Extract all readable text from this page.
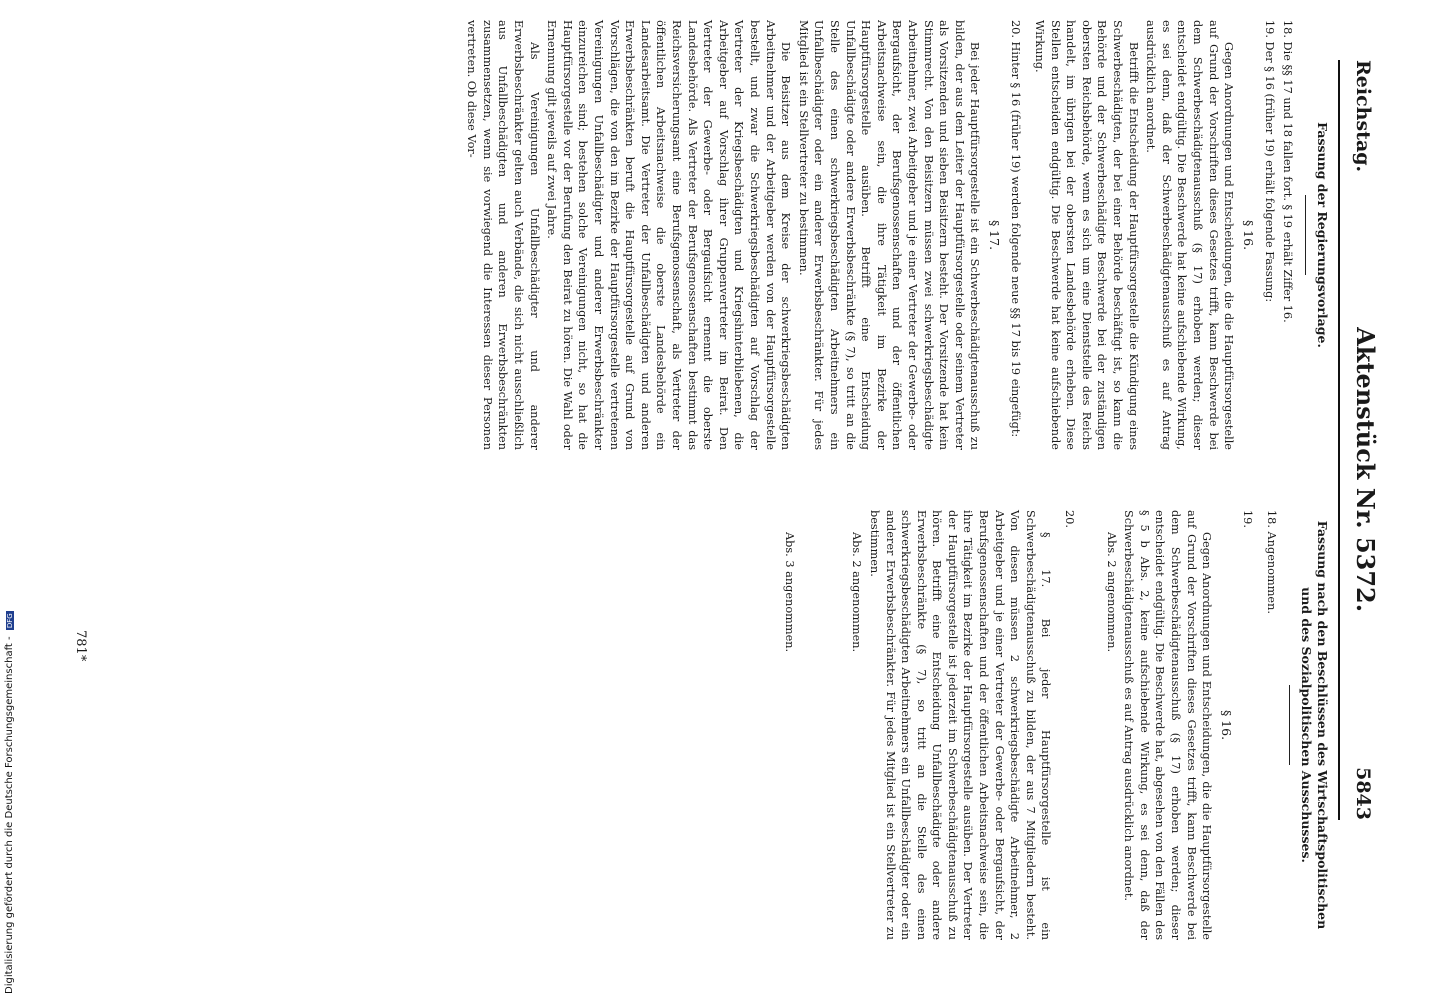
Reichstag.
Aktenstück Nr. 5372.
5843
Fassung der Regierungsvorlage.
18. Die §§ 17 und 18 fallen fort. § 19 erhält Ziffer 16.
19. Der § 16 (früher 19) erhält folgende Fassung:
§ 16.
Gegen Anordnungen und Entscheidungen, die die Hauptfürsorgestelle auf Grund der Vorschriften dieses Gesetzes trifft, kann Beschwerde bei dem Schwerbeschädigtenausschuß (§ 17) erhoben werden; dieser entscheidet endgültig. Die Beschwerde hat keine aufschiebende Wirkung, es sei denn, daß der Schwerbeschädigtenausschuß es auf Antrag ausdrücklich anordnet.
Betrifft die Entscheidung der Hauptfürsorgestelle die Kündigung eines Schwerbeschädigten, der bei einer Behörde beschäftigt ist, so kann die Behörde und der Schwerbeschädigte Beschwerde bei der zuständigen obersten Reichsbehörde, wenn es sich um eine Dienststelle des Reichs handelt, im übrigen bei der obersten Landesbehörde erheben. Diese Stellen entscheiden endgültig. Die Beschwerde hat keine aufschiebende Wirkung.
20. Hinter § 16 (früher 19) werden folgende neue §§ 17 bis 19 eingefügt:
§ 17.
Bei jeder Hauptfürsorgestelle ist ein Schwerbeschädigtenausschuß zu bilden, der aus dem Leiter der Hauptfürsorgestelle oder seinem Vertreter als Vorsitzenden und sieben Beisitzern besteht. Der Vorsitzende hat kein Stimmrecht. Von den Beisitzern müssen zwei schwerkriegsbeschädigte Arbeitnehmer, zwei Arbeitgeber und je einer Vertreter der Gewerbe- oder Bergaufsicht, der Berufsgenossenschaften und der öffentlichen Arbeitsnachweise sein, die ihre Tätigkeit im Bezirke der Hauptfürsorgestelle ausüben. Betrifft eine Entscheidung Unfallbeschädigte oder andere Erwerbsbeschränkte (§ 7), so tritt an die Stelle des einen schwerkriegsbeschädigten Arbeitnehmers ein Unfallbeschädigter oder ein anderer Erwerbsbeschränkter. Für jedes Mitglied ist ein Stellvertreter zu bestimmen.
Die Beisitzer aus dem Kreise der schwerkriegsbeschädigten Arbeitnehmer und der Arbeitgeber werden von der Hauptfürsorgestelle bestellt, und zwar die Schwerkriegsbeschädigten auf Vorschlag der Vertreter der Kriegsbeschädigten und Kriegshinterbliebenen, die Arbeitgeber auf Vorschlag ihrer Gruppenvertreter im Beirat. Den Vertreter der Gewerbe- oder Bergaufsicht ernennt die oberste Landesbehörde. Als Vertreter der Berufsgenossenschaften bestimmt das Reichsversicherungsamt eine Berufsgenossenschaft, als Vertreter der öffentlichen Arbeitsnachweise die oberste Landesbehörde ein Landesarbeitsamt. Die Vertreter der Unfallbeschädigten und anderen Erwerbsbeschränkten beruft die Hauptfürsorgestelle auf Grund von Vorschlägen, die von den im Bezirke der Hauptfürsorgestelle vertretenen Vereinigungen Unfallbeschädigter und anderer Erwerbsbeschränkter einzureichen sind; bestehen solche Vereinigungen nicht, so hat die Hauptfürsorgestelle vor der Berufung den Beirat zu hören. Die Wahl oder Ernennung gilt jeweils auf zwei Jahre.
Als Vereinigungen Unfallbeschädigter und anderer Erwerbsbeschränkter gelten auch Verbände, die sich nicht ausschließlich aus Unfallbeschädigten und anderen Erwerbsbeschränkten zusammensetzen, wenn sie vorwiegend die Interessen dieser Personen vertreten. Ob diese Vor-
Fassung nach den Beschlüssen des Wirtschaftspolitischen und des Sozialpolitischen Ausschusses.
18. Angenommen.
19.
§ 16.
Gegen Anordnungen und Entscheidungen, die die Hauptfürsorgestelle auf Grund der Vorschriften dieses Gesetzes trifft, kann Beschwerde bei dem Schwerbeschädigtenausschuß (§ 17) erhoben werden; dieser entscheidet endgültig. Die Beschwerde hat, abgesehen von den Fällen des § 5 b Abs. 2, keine aufschiebende Wirkung, es sei denn, daß der Schwerbeschädigtenausschuß es auf Antrag ausdrücklich anordnet.
Abs. 2 angenommen.
20.
§ 17. Bei jeder Hauptfürsorgestelle ist ein Schwerbeschädigtenausschuß zu bilden, der aus 7 Mitgliedern besteht. Von diesen müssen 2 schwerkriegsbeschädigte Arbeitnehmer, 2 Arbeitgeber und je einer Vertreter der Gewerbe- oder Bergaufsicht, der Berufsgenossenschaften und der öffentlichen Arbeitsnachweise sein, die ihre Tätigkeit im Bezirke der Hauptfürsorgestelle ausüben. Der Vertreter der Hauptfürsorgestelle ist jederzeit im Schwerbeschädigtenausschuß zu hören. Betrifft eine Entscheidung Unfallbeschädigte oder andere Erwerbsbeschränkte (§ 7), so tritt an die Stelle des einen schwerkriegsbeschädigten Arbeitnehmers ein Unfallbeschädigter oder ein anderer Erwerbsbeschränkter. Für jedes Mitglied ist ein Stellvertreter zu bestimmen.
Abs. 2 angenommen.
Abs. 3 angenommen.
781*
Digitalisierung gefördert durch die Deutsche Forschungsgemeinschaft - DFG
